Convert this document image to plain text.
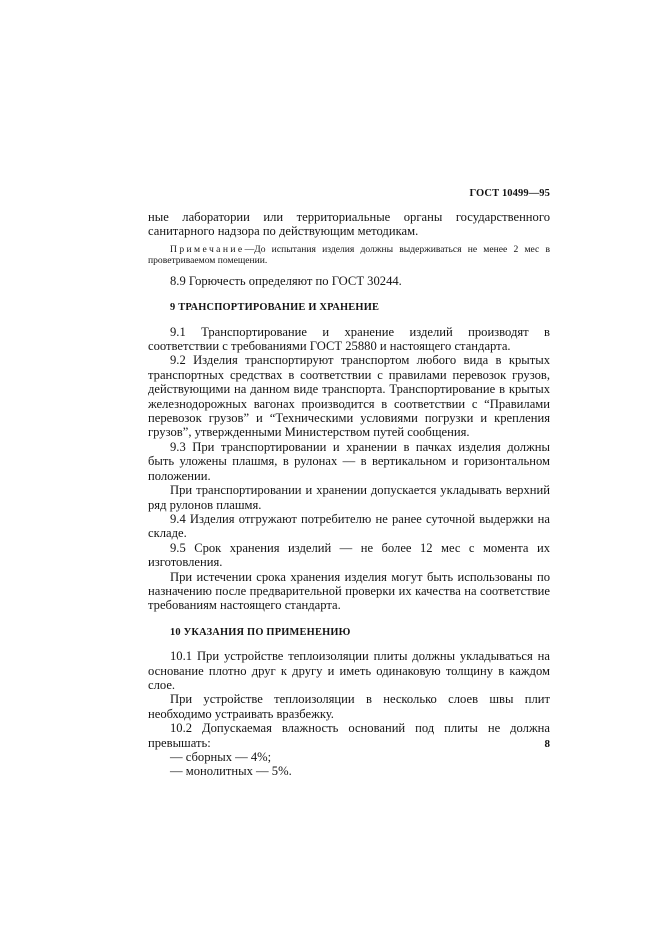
ГОСТ 10499—95

ные лаборатории или территориальные органы государственного санитарного надзора по действующим методикам.

Примечание—До испытания изделия должны выдерживаться не менее 2 мес в проветриваемом помещении.

8.9 Горючесть определяют по ГОСТ 30244.

9 ТРАНСПОРТИРОВАНИЕ И ХРАНЕНИЕ

9.1 Транспортирование и хранение изделий производят в соответствии с требованиями ГОСТ 25880 и настоящего стандарта.

9.2 Изделия транспортируют транспортом любого вида в крытых транспортных средствах в соответствии с правилами перевозок грузов, действующими на данном виде транспорта. Транспортирование в крытых железнодорожных вагонах производится в соответствии с “Правилами перевозок грузов” и “Техническими условиями погрузки и крепления грузов”, утвержденными Министерством путей сообщения.

9.3 При транспортировании и хранении в пачках изделия должны быть уложены плашмя, в рулонах — в вертикальном и горизонтальном положении.

При транспортировании и хранении допускается укладывать верхний ряд рулонов плашмя.

9.4 Изделия отгружают потребителю не ранее суточной выдержки на складе.

9.5 Срок хранения изделий — не более 12 мес с момента их изготовления.

При истечении срока хранения изделия могут быть использованы по назначению после предварительной проверки их качества на соответствие требованиям настоящего стандарта.

10 УКАЗАНИЯ ПО ПРИМЕНЕНИЮ

10.1 При устройстве теплоизоляции плиты должны укладываться на основание плотно друг к другу и иметь одинаковую толщину в каждом слое.

При устройстве теплоизоляции в несколько слоев швы плит необходимо устраивать вразбежку.

10.2 Допускаемая влажность оснований под плиты не должна превышать:

— сборных — 4%;

— монолитных — 5%.

8
